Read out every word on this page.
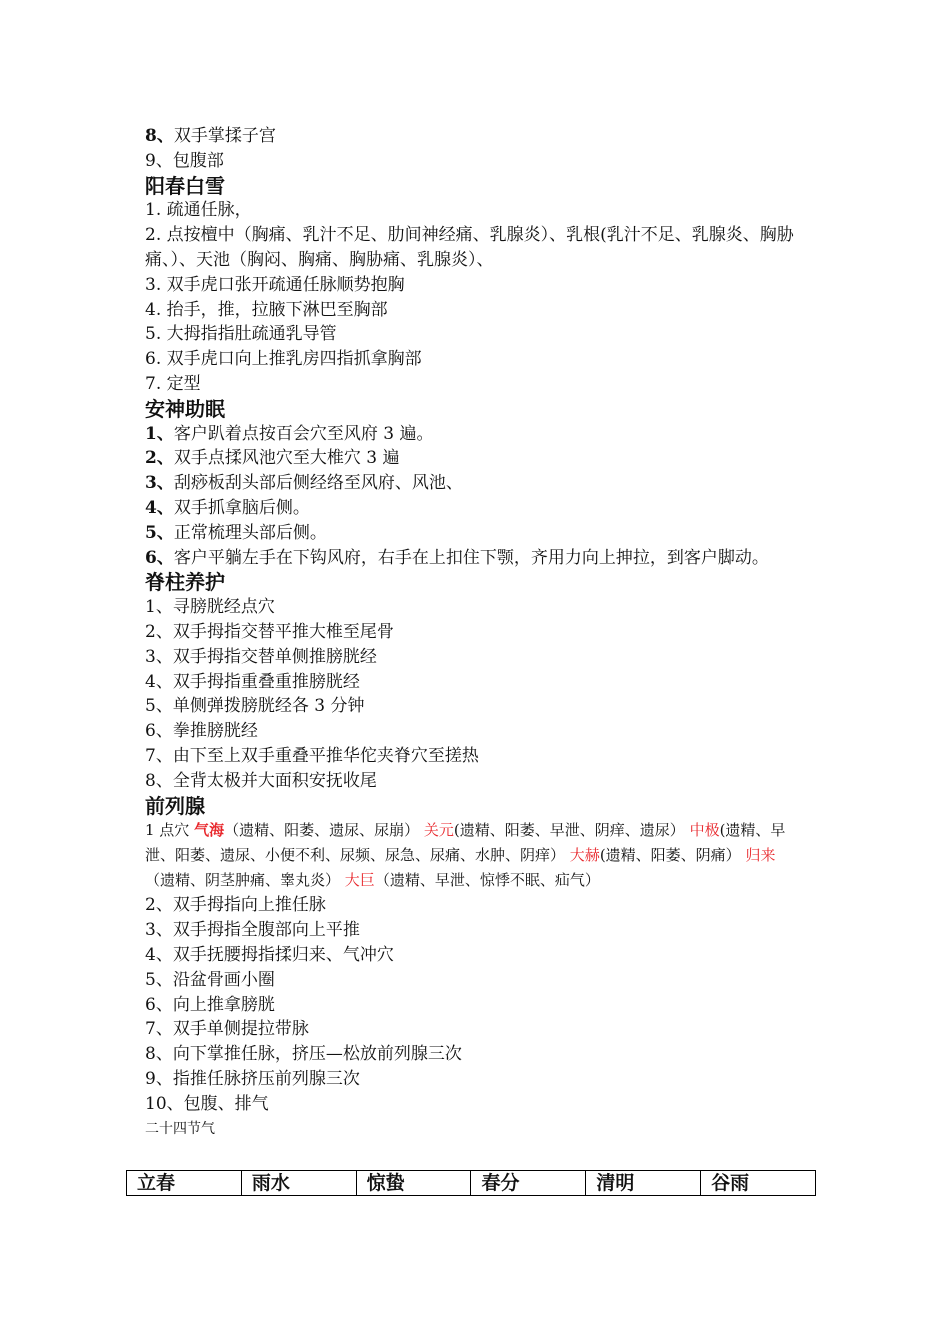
8、双手掌揉子宫
9、包腹部
阳春白雪
1. 疏通任脉，
2. 点按檀中（胸痛、乳汁不足、肋间神经痛、乳腺炎）、乳根(乳汁不足、乳腺炎、胸胁痛、）、天池（胸闷、胸痛、胸胁痛、乳腺炎）、
3. 双手虎口张开疏通任脉顺势抱胸
4. 抬手，推，拉腋下淋巴至胸部
5. 大拇指指肚疏通乳导管
6. 双手虎口向上推乳房四指抓拿胸部
7. 定型
安神助眠
1、客户趴着点按百会穴至风府 3 遍。
2、双手点揉风池穴至大椎穴 3 遍
3、刮痧板刮头部后侧经络至风府、风池、
4、双手抓拿脑后侧。
5、正常梳理头部后侧。
6、客户平躺左手在下钩风府，右手在上扣住下颚，齐用力向上抻拉，到客户脚动。
脊柱养护
1、寻膀胱经点穴
2、双手拇指交替平推大椎至尾骨
3、双手拇指交替单侧推膀胱经
4、双手拇指重叠重推膀胱经
5、单侧弹拨膀胱经各 3 分钟
6、拳推膀胱经
7、由下至上双手重叠平推华佗夹脊穴至搓热
8、全背太极并大面积安抚收尾
前列腺
1 点穴 气海（遗精、阳萎、遗尿、尿崩） 关元(遗精、阳萎、早泄、阴痒、遗尿） 中极(遗精、早泄、阳萎、遗尿、小便不利、尿频、尿急、尿痛、水肿、阴痒） 大赫(遗精、阳萎、阴痛） 归来（遗精、阴茎肿痛、睾丸炎） 大巨（遗精、早泄、惊悸不眠、疝气）
2、双手拇指向上推任脉
3、双手拇指全腹部向上平推
4、双手抚腰拇指揉归来、气冲穴
5、沿盆骨画小圈
6、向上推拿膀胱
7、双手单侧提拉带脉
8、向下掌推任脉，挤压—松放前列腺三次
9、指推任脉挤压前列腺三次
10、包腹、排气
二十四节气
立春	雨水	惊蛰	春分	清明	谷雨
